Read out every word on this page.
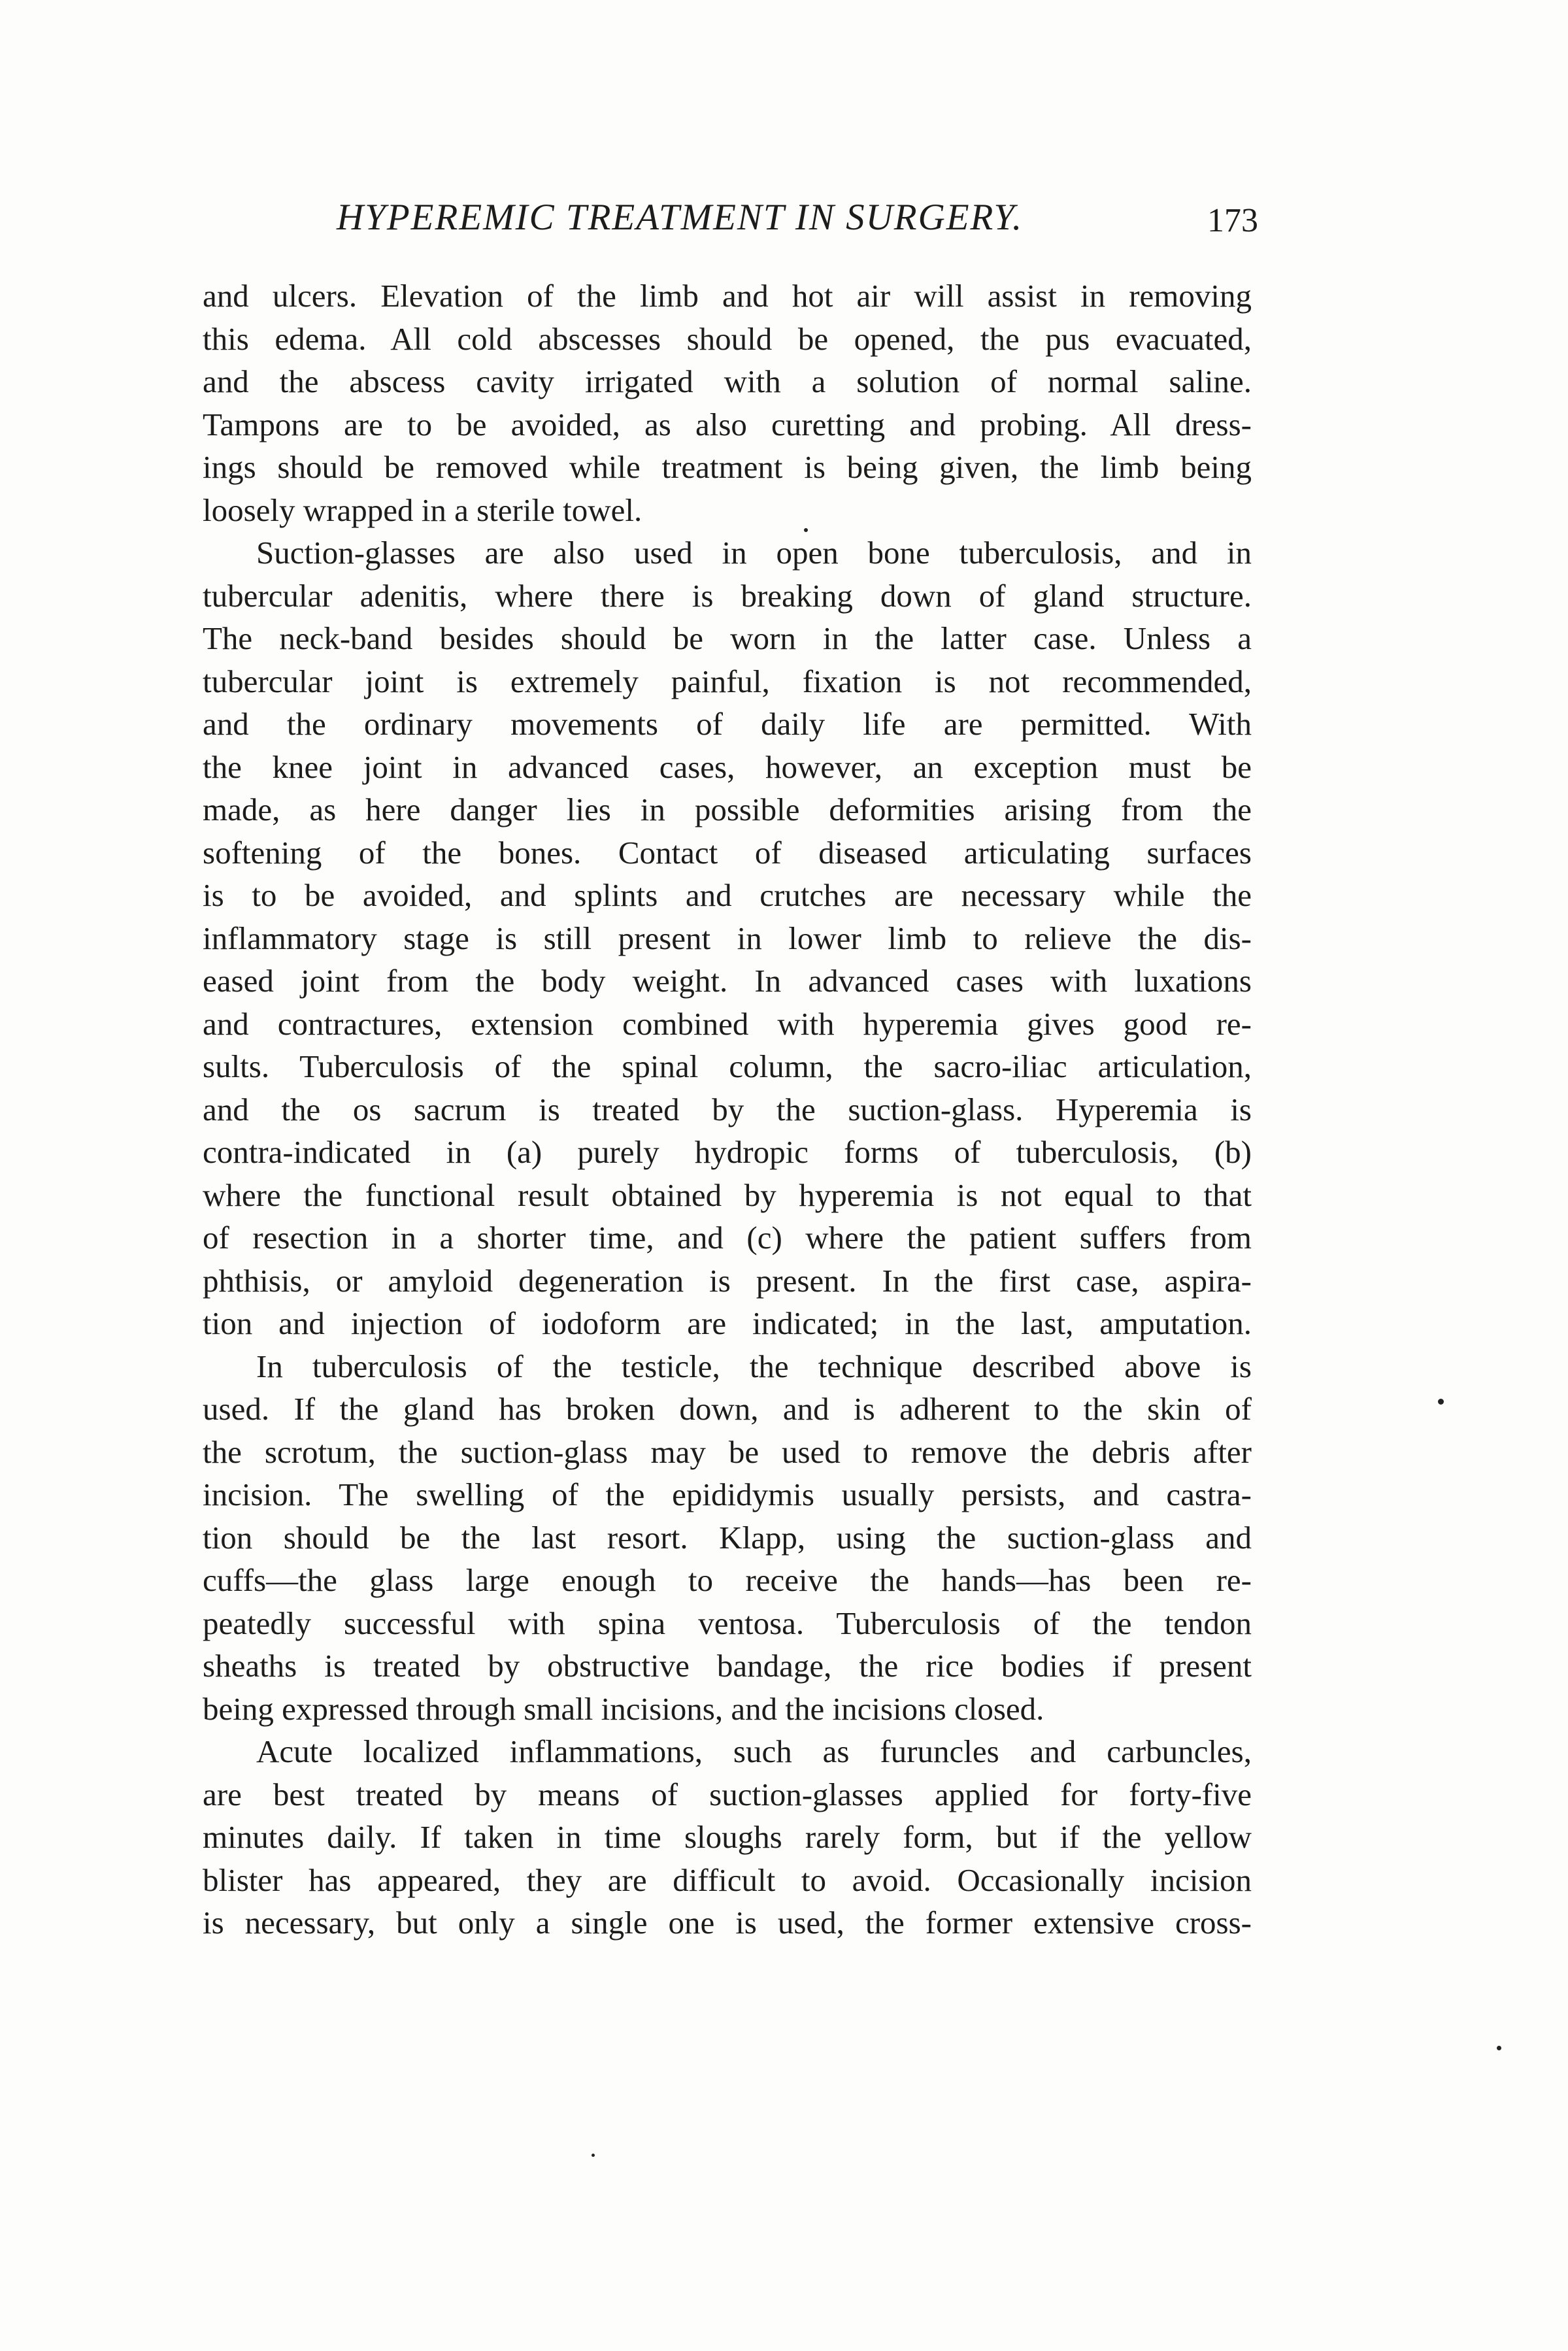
HYPEREMIC TREATMENT IN SURGERY.	173
and ulcers. Elevation of the limb and hot air will assist in removing
this edema. All cold abscesses should be opened, the pus evacuated,
and the abscess cavity irrigated with a solution of normal saline.
Tampons are to be avoided, as also curetting and probing. All dress-
ings should be removed while treatment is being given, the limb being
loosely wrapped in a sterile towel.
Suction-glasses are also used in open bone tuberculosis, and in
tubercular adenitis, where there is breaking down of gland structure.
The neck-band besides should be worn in the latter case. Unless a
tubercular joint is extremely painful, fixation is not recommended,
and the ordinary movements of daily life are permitted. With
the knee joint in advanced cases, however, an exception must be
made, as here danger lies in possible deformities arising from the
softening of the bones. Contact of diseased articulating surfaces
is to be avoided, and splints and crutches are necessary while the
inflammatory stage is still present in lower limb to relieve the dis-
eased joint from the body weight. In advanced cases with luxations
and contractures, extension combined with hyperemia gives good re-
sults. Tuberculosis of the spinal column, the sacro-iliac articulation,
and the os sacrum is treated by the suction-glass. Hyperemia is
contra-indicated in (a) purely hydropic forms of tuberculosis, (b)
where the functional result obtained by hyperemia is not equal to that
of resection in a shorter time, and (c) where the patient suffers from
phthisis, or amyloid degeneration is present. In the first case, aspira-
tion and injection of iodoform are indicated; in the last, amputation.
In tuberculosis of the testicle, the technique described above is
used. If the gland has broken down, and is adherent to the skin of
the scrotum, the suction-glass may be used to remove the debris after
incision. The swelling of the epididymis usually persists, and castra-
tion should be the last resort. Klapp, using the suction-glass and
cuffs—the glass large enough to receive the hands—has been re-
peatedly successful with spina ventosa. Tuberculosis of the tendon
sheaths is treated by obstructive bandage, the rice bodies if present
being expressed through small incisions, and the incisions closed.
Acute localized inflammations, such as furuncles and carbuncles,
are best treated by means of suction-glasses applied for forty-five
minutes daily. If taken in time sloughs rarely form, but if the yellow
blister has appeared, they are difficult to avoid. Occasionally incision
is necessary, but only a single one is used, the former extensive cross-
